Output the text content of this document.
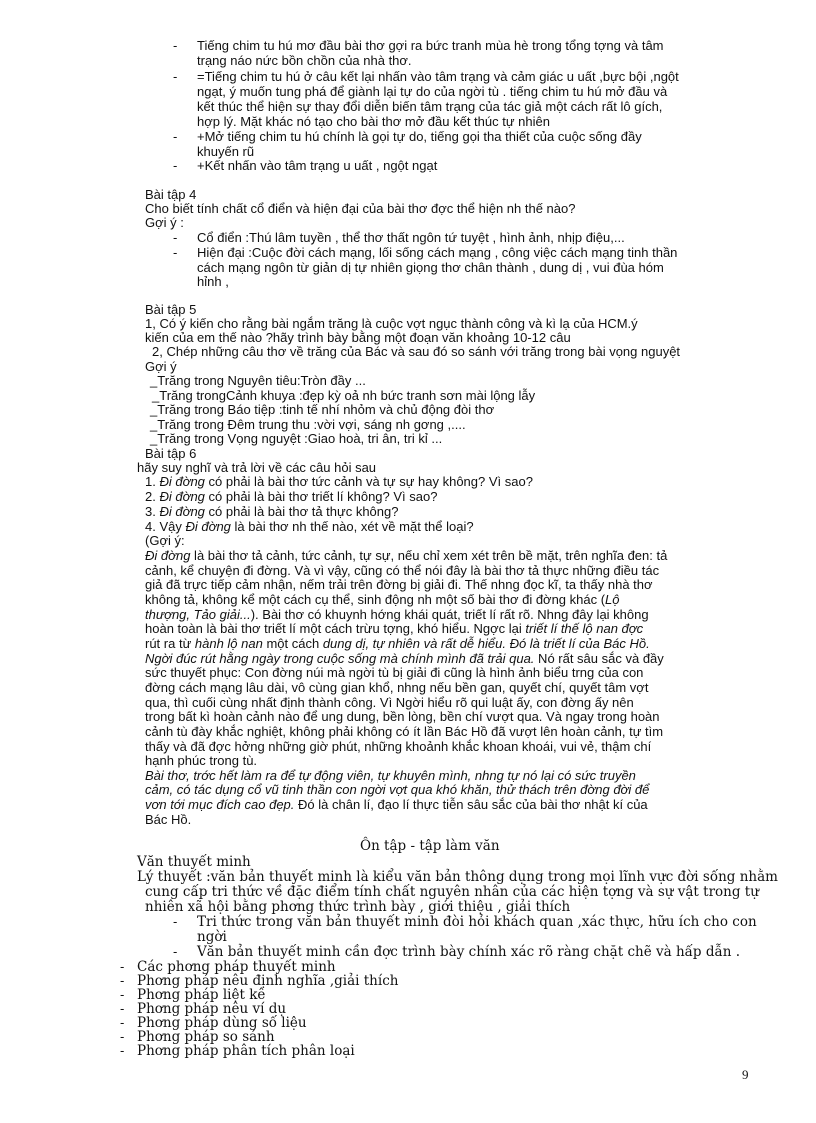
- Tiếng chim tu hú mơ đầu bài thơ gợi ra bức tranh mùa hè trong tổng tợng và tâm
trạng náo nức bồn chồn của nhà thơ.
- =Tiếng chim tu hú ở câu kết lại nhấn vào tâm trạng và cảm giác u uất ,bực bội ,ngột
ngạt, ý muốn tung phá để giành lại tự do của ngời tù . tiếng chim tu hú mở đầu và
kết thúc thể hiện sự thay đổi diễn biến tâm trạng của tác giả một cách rất lô gích,
hợp lý. Mặt khác nó tạo cho bài thơ mở đầu kết thúc tự nhiên
- +Mở tiếng chim tu hú chính là gọi tự do, tiếng gọi tha thiết của cuộc sống đầy
khuyến rũ
- +Kết nhấn vào tâm trạng u uất , ngột ngạt
Bài tập 4
Cho biết tính chất cổ điển và hiện đại của bài thơ đợc thể hiện nh thế nào?
Gợi ý :
- Cổ điển :Thú lâm tuyền , thể thơ thất ngôn tứ tuyệt , hình ảnh, nhịp điệu,...
- Hiện đại :Cuộc đời cách mạng, lối sống cách mạng , công việc cách mạng tinh thần
cách mạng ngôn từ giản dị tự nhiên giọng thơ chân thành , dung dị , vui đùa hóm
hỉnh ,
Bài tập 5
1, Có ý kiến cho rằng bài ngắm trăng là cuộc vợt ngục thành công và kì lạ của HCM.ý
kiến của em thế nào ?hãy trình bày bằng một đoạn văn khoảng 10-12 câu
2, Chép những câu thơ về trăng của Bác và sau đó so sánh với trăng trong bài vọng nguyệt
Gợi ý
_Trăng trong Nguyên tiêu:Tròn đầy ...
_Trăng trongCảnh khuya :đẹp kỳ oả nh bức tranh sơn mài lộng lẫy
_Trăng trong Báo tiệp :tinh tế nhí nhỏm và chủ động đòi thơ
_Trăng trong Đêm trung thu :vời vợi, sáng nh gơng ,....
_Trăng trong Vọng nguyệt :Giao hoà, tri ân, tri kỉ ...
Bài tập 6
hãy suy nghĩ và trả lời về các câu hỏi sau
1. Đi đờng có phải là bài thơ tức cảnh và tự sự hay không? Vì sao?
2. Đi đờng có phải là bài thơ triết lí không? Vì sao?
3. Đi đờng có phải là bài thơ tả thực không?
4. Vậy Đi đờng là bài thơ nh thế nào, xét về mặt thể loại?
(Gợi ý:
Đi đờng là bài thơ tả cảnh, tức cảnh, tự sự, nếu chỉ xem xét trên bề mặt, trên nghĩa đen: tả
cảnh, kể chuyện đi đờng. Và vì vậy, cũng có thể nói đây là bài thơ tả thực những điều tác
giả đã trực tiếp cảm nhận, nếm trải trên đờng bị giải đi. Thế nhng đọc kĩ, ta thấy nhà thơ
không tả, không kể một cách cụ thể, sinh động nh một số bài thơ đi đờng khác (Lộ
thượng, Tảo giải...). Bài thơ có khuynh hớng khái quát, triết lí rất rõ. Nhng đây lại không
hoàn toàn là bài thơ triết lí một cách trừu tợng, khó hiểu. Ngợc lại triết lí thế lộ nan đợc
rút ra từ hành lộ nan một cách dung dị, tự nhiên và rất dễ hiểu. Đó là triết lí của Bác Hồ.
Ngời đúc rút hằng ngày trong cuộc sống mà chính mình đã trải qua. Nó rất sâu sắc và đầy
sức thuyết phục: Con đờng núi mà ngời tù bị giải đi cũng là hình ảnh biểu trng của con
đờng cách mạng lâu dài, vô cùng gian khổ, nhng nếu bền gan, quyết chí, quyết tâm vợt
qua, thì cuối cùng nhất định thành công. Vì Ngời hiểu rõ qui luật ấy, con đờng ấy nên
trong bất kì hoàn cảnh nào để ung dung, bền lòng, bền chí vượt qua. Và ngay trong hoàn
cảnh tù đày khắc nghiệt, không phải không có ít lần Bác Hồ đã vượt lên hoàn cảnh, tự tìm
thấy và đã đợc hởng những giờ phút, những khoảnh khắc khoan khoái, vui vẻ, thậm chí
hạnh phúc trong tù.
Bài thơ, trớc hết làm ra để tự động viên, tự khuyên mình, nhng tự nó lại có sức truyền
cảm, có tác dụng cổ vũ tinh thần con ngời vợt qua khó khăn, thử thách trên đờng đời để
vơn tới mục đích cao đẹp. Đó là chân lí, đạo lí thực tiễn sâu sắc của bài thơ nhật kí của
Bác Hồ.
Ôn tập - tập làm văn
Văn thuyết minh
Lý thuyết :văn bản thuyết minh là kiểu văn bản thông dụng trong mọi lĩnh vực đời sống nhằm
cung cấp tri thức về đặc điểm tính chất nguyên nhân của các hiện tợng và sự vật trong tự
nhiên xã hội bằng phơng thức trình bày , giới thiệu , giải thích
- Tri thức trong văn bản thuyết minh đòi hỏi khách quan ,xác thực, hữu ích cho con
ngời
- Văn bản thuyết minh cần đợc trình bày chính xác rõ ràng chặt chẽ và hấp dẫn .
- Các phơng pháp thuyết minh
- Phơng pháp nêu định nghĩa ,giải thích
- Phơng pháp liệt kê
- Phơng pháp nêu ví dụ
- Phơng pháp dùng số liệu
- Phơng pháp so sánh
- Phơng pháp phân tích phân loại
9
